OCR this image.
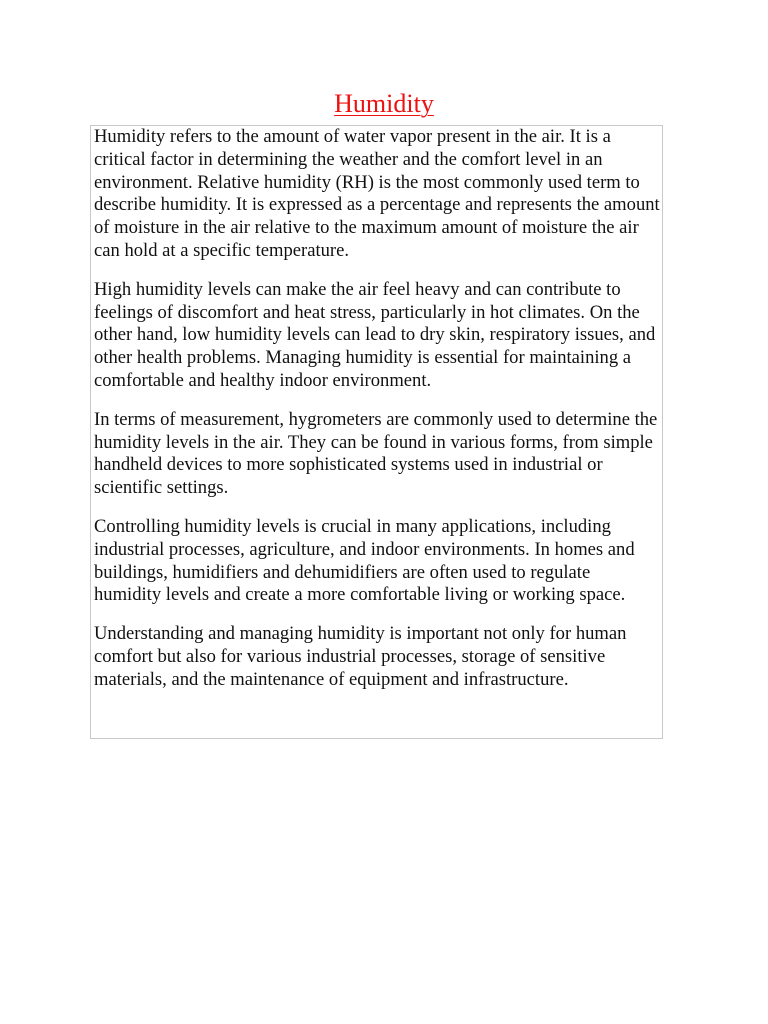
Humidity

Humidity refers to the amount of water vapor present in the air. It is a critical factor in determining the weather and the comfort level in an environment. Relative humidity (RH) is the most commonly used term to describe humidity. It is expressed as a percentage and represents the amount of moisture in the air relative to the maximum amount of moisture the air can hold at a specific temperature.

High humidity levels can make the air feel heavy and can contribute to feelings of discomfort and heat stress, particularly in hot climates. On the other hand, low humidity levels can lead to dry skin, respiratory issues, and other health problems. Managing humidity is essential for maintaining a comfortable and healthy indoor environment.

In terms of measurement, hygrometers are commonly used to determine the humidity levels in the air. They can be found in various forms, from simple handheld devices to more sophisticated systems used in industrial or scientific settings.

Controlling humidity levels is crucial in many applications, including industrial processes, agriculture, and indoor environments. In homes and buildings, humidifiers and dehumidifiers are often used to regulate humidity levels and create a more comfortable living or working space.

Understanding and managing humidity is important not only for human comfort but also for various industrial processes, storage of sensitive materials, and the maintenance of equipment and infrastructure.
